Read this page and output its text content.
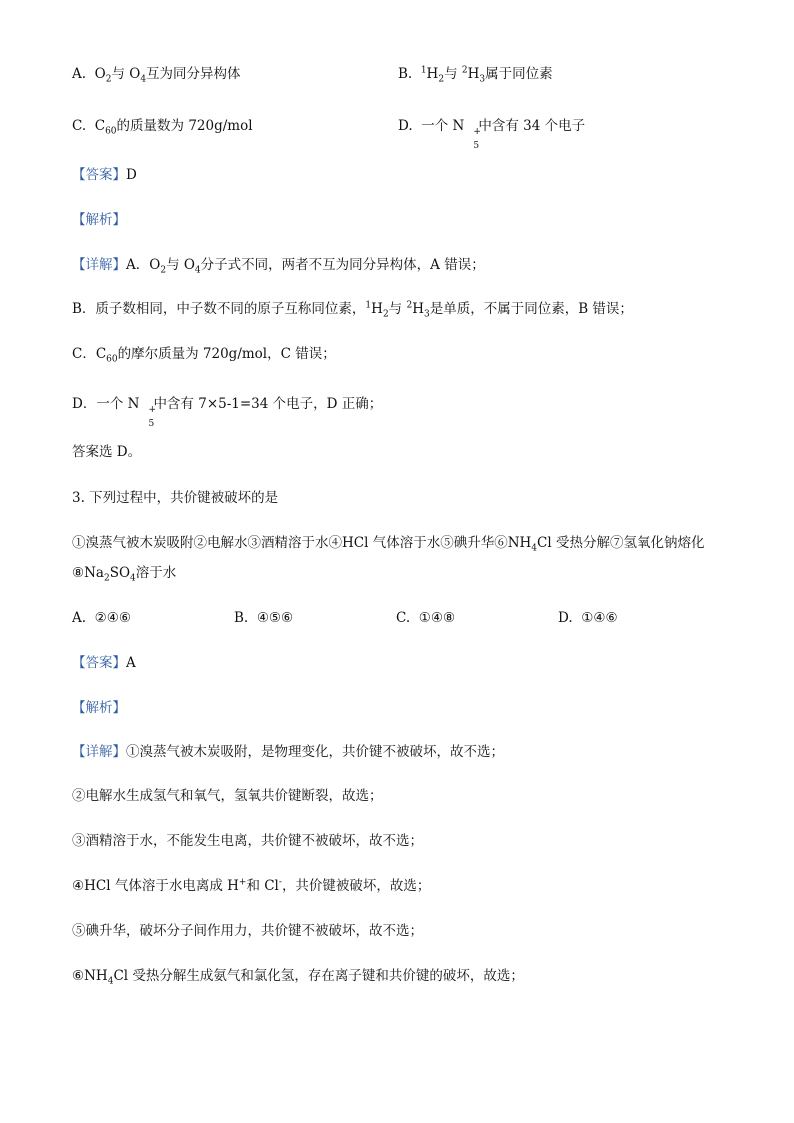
A. $O_2$与 $O_4$互为同分异构体	B. $^1H_2$与 $^2H_3$属于同位素
C. $C_{60}$的质量数为 720g/mol	D. 一个 N +
5
中含有 34 个电子
【答案】D
【解析】
【详解】A．$O_2$与 $O_4$分子式不同，两者不互为同分异构体，A 错误；
B．质子数相同，中子数不同的原子互称同位素，$^1H_2$与 $^2H_3$是单质，不属于同位素，B 错误；
C．$C_{60}$的摩尔质量为 720g/mol，C 错误；
D．一个 N +
5
中含有 7×5-1=34 个电子，D 正确；
答案选 D。
3. 下列过程中，共价键被破坏的是
①溴蒸气被木炭吸附②电解水③酒精溶于水④HCl 气体溶于水⑤碘升华$⑥NH_4Cl$ 受热分解⑦氢氧化钠熔化
$⑧Na_2SO_4$溶于水
A. ②④⑥	B. ④⑤⑥	C. ①④⑧	D. ①④⑥
【答案】A
【解析】
【详解】①溴蒸气被木炭吸附，是物理变化，共价键不被破坏，故不选；
②电解水生成氢气和氧气，氢氧共价键断裂，故选；
③酒精溶于水，不能发生电离，共价键不被破坏，故不选；
④HCl 气体溶于水电离成 H+和 Cl-，共价键被破坏，故选；
⑤碘升华，破坏分子间作用力，共价键不被破坏，故不选；
$⑥NH_4Cl$ 受热分解生成氨气和氯化氢，存在离子键和共价键的破坏，故选；
